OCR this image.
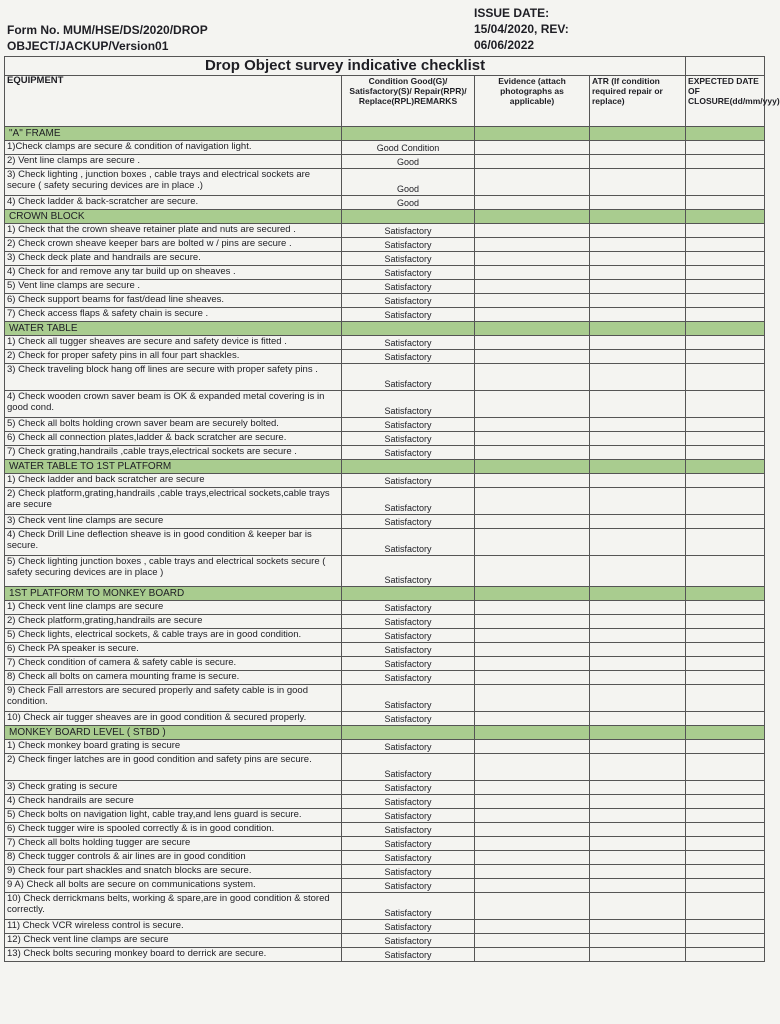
Form No. MUM/HSE/DS/2020/DROP
OBJECT/JACKUP/Version01
ISSUE DATE:
15/04/2020, REV:
06/06/2022
Drop Object survey indicative checklist				
EQUIPMENT	Condition Good(G)/ Satisfactory(S)/ Repair(RPR)/ Replace(RPL)REMARKS	Evidence (attach photographs as applicable)	ATR (If condition required repair or replace)	EXPECTED DATE OF CLOSURE(dd/mm/yyy)
"A" FRAME				
1)Check clamps are secure & condition of navigation light.	Good Condition			
2) Vent line clamps are secure .	Good			
3) Check lighting , junction boxes , cable trays and electrical sockets are secure ( safety securing devices are in place .)	Good			
4) Check ladder & back-scratcher are secure.	Good			
CROWN BLOCK				
1) Check that the crown sheave retainer plate and nuts are secured .	Satisfactory			
2) Check crown sheave keeper bars are bolted w / pins are secure .	Satisfactory			
3) Check deck plate and handrails are secure.	Satisfactory			
4) Check for and remove any tar build up on sheaves .	Satisfactory			
5) Vent line clamps are secure .	Satisfactory			
6) Check support beams for fast/dead line sheaves.	Satisfactory			
7) Check access flaps & safety chain is secure .	Satisfactory			
WATER TABLE				
1) Check all tugger sheaves are secure and safety device is fitted .	Satisfactory			
2) Check for proper safety pins in all four part shackles.	Satisfactory			
3) Check traveling block hang off lines are secure with proper safety pins .	Satisfactory			
4) Check wooden crown saver beam is OK & expanded metal covering is in good cond.	Satisfactory			
5) Check all bolts holding crown saver beam are securely bolted.	Satisfactory			
6) Check all connection plates,ladder & back scratcher are secure.	Satisfactory			
7) Check grating,handrails ,cable trays,electrical sockets are secure .	Satisfactory			
WATER TABLE TO 1ST PLATFORM				
1) Check ladder and back scratcher are secure	Satisfactory			
2) Check platform,grating,handrails ,cable trays,electrical sockets,cable trays are secure	Satisfactory			
3) Check vent line clamps are secure	Satisfactory			
4) Check Drill Line deflection sheave is in good condition & keeper bar is secure.	Satisfactory			
5) Check lighting junction boxes , cable trays and electrical sockets secure ( safety securing devices are in place )	Satisfactory			
1ST PLATFORM TO MONKEY BOARD				
1) Check vent line clamps are secure	Satisfactory			
2) Check platform,grating,handrails are secure	Satisfactory			
5) Check lights, electrical sockets, & cable trays are in good condition.	Satisfactory			
6) Check PA speaker is secure.	Satisfactory			
7) Check condition of camera & safety cable is secure.	Satisfactory			
8) Check all bolts on camera mounting frame is secure.	Satisfactory			
9) Check Fall arrestors are secured properly and safety cable is in good condition.	Satisfactory			
10) Check air tugger sheaves are in good condition & secured properly.	Satisfactory			
MONKEY BOARD LEVEL ( STBD )				
1) Check monkey board grating is secure	Satisfactory			
2) Check finger latches are in good condition and safety pins are secure.	Satisfactory			
3) Check grating is secure	Satisfactory			
4) Check handrails are secure	Satisfactory			
5) Check bolts on navigation light, cable tray,and lens guard is secure.	Satisfactory			
6) Check tugger wire is spooled correctly & is in good condition.	Satisfactory			
7) Check all bolts holding tugger are secure	Satisfactory			
8) Check tugger controls & air lines are in good condition	Satisfactory			
9) Check four part shackles and snatch blocks are secure.	Satisfactory			
9 A) Check all bolts are secure on communications system.	Satisfactory			
10) Check derrickmans belts, working & spare,are in good condition & stored correctly.	Satisfactory			
11) Check VCR wireless control is secure.	Satisfactory			
12) Check vent line clamps are secure	Satisfactory			
13) Check bolts securing monkey board to derrick are secure.	Satisfactory			
